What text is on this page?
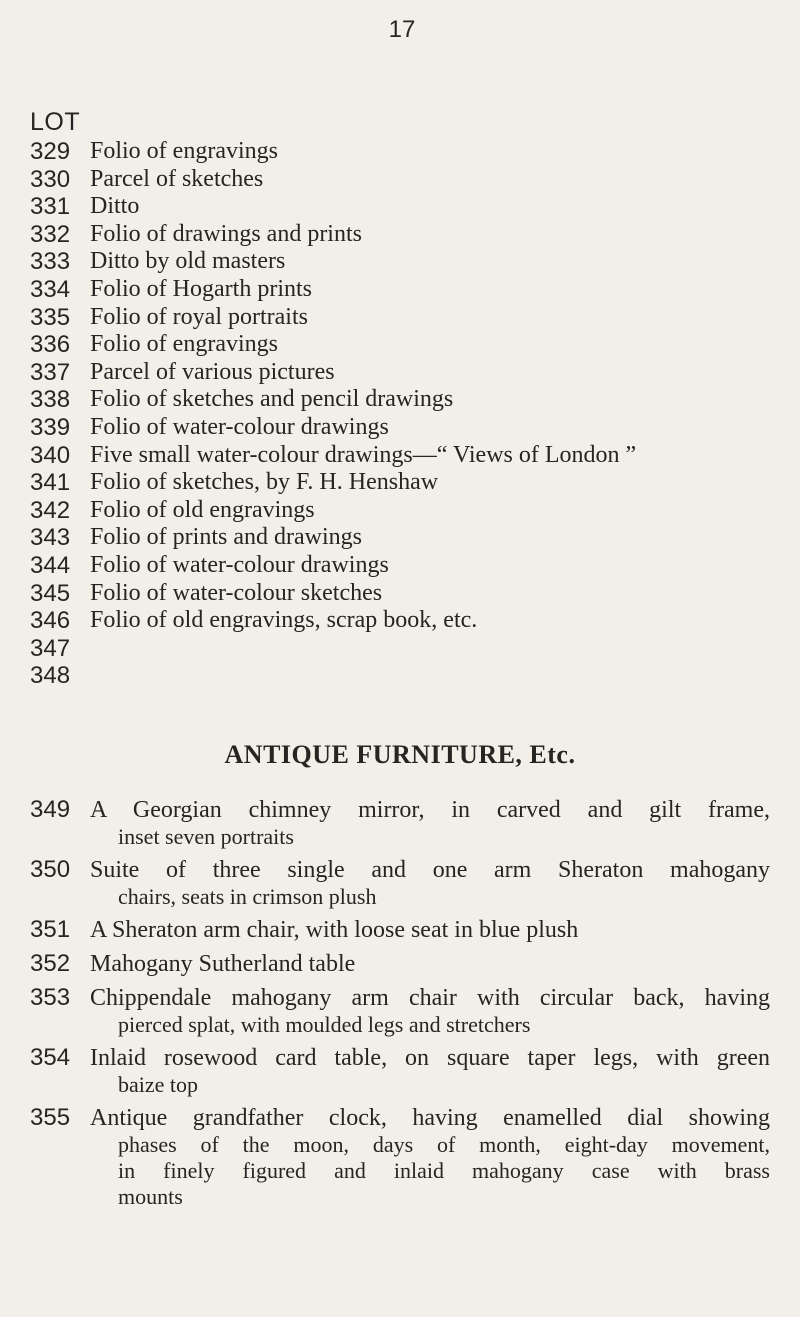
17
LOT
329 Folio of engravings
330 Parcel of sketches
331 Ditto
332 Folio of drawings and prints
333 Ditto by old masters
334 Folio of Hogarth prints
335 Folio of royal portraits
336 Folio of engravings
337 Parcel of various pictures
338 Folio of sketches and pencil drawings
339 Folio of water-colour drawings
340 Five small water-colour drawings—“ Views of London ”
341 Folio of sketches, by F. H. Henshaw
342 Folio of old engravings
343 Folio of prints and drawings
344 Folio of water-colour drawings
345 Folio of water-colour sketches
346 Folio of old engravings, scrap book, etc.
347
348
ANTIQUE FURNITURE, Etc.
349 A Georgian chimney mirror, in carved and gilt frame,
inset seven portraits
350 Suite of three single and one arm Sheraton mahogany
chairs, seats in crimson plush
351 A Sheraton arm chair, with loose seat in blue plush
352 Mahogany Sutherland table
353 Chippendale mahogany arm chair with circular back, having
pierced splat, with moulded legs and stretchers
354 Inlaid rosewood card table, on square taper legs, with green
baize top
355 Antique grandfather clock, having enamelled dial showing
phases of the moon, days of month, eight-day movement,
in finely figured and inlaid mahogany case with brass
mounts
